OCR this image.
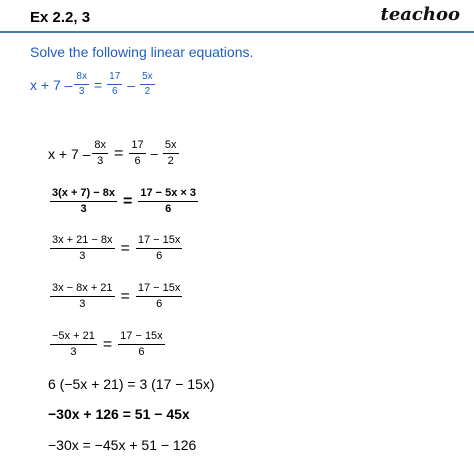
Ex 2.2, 3	teachoo
Solve the following linear equations.
$x + 7 - \frac{8x}{3} = \frac{17}{6} - \frac{5x}{2}$
$x + 7 - \frac{8x}{3} = \frac{17}{6} - \frac{5x}{2}$
$\frac{3(x + 7) - 8x}{3} = \frac{17 - 5x \times 3}{6}$
$\frac{3x + 21 - 8x}{3} = \frac{17 - 15x}{6}$
$\frac{3x - 8x + 21}{3} = \frac{17 - 15x}{6}$
$\frac{-5x + 21}{3} = \frac{17 - 15x}{6}$
6 (−5x + 21) = 3 (17 − 15x)
−30x + 126 = 51 − 45x
−30x = −45x + 51 − 126
